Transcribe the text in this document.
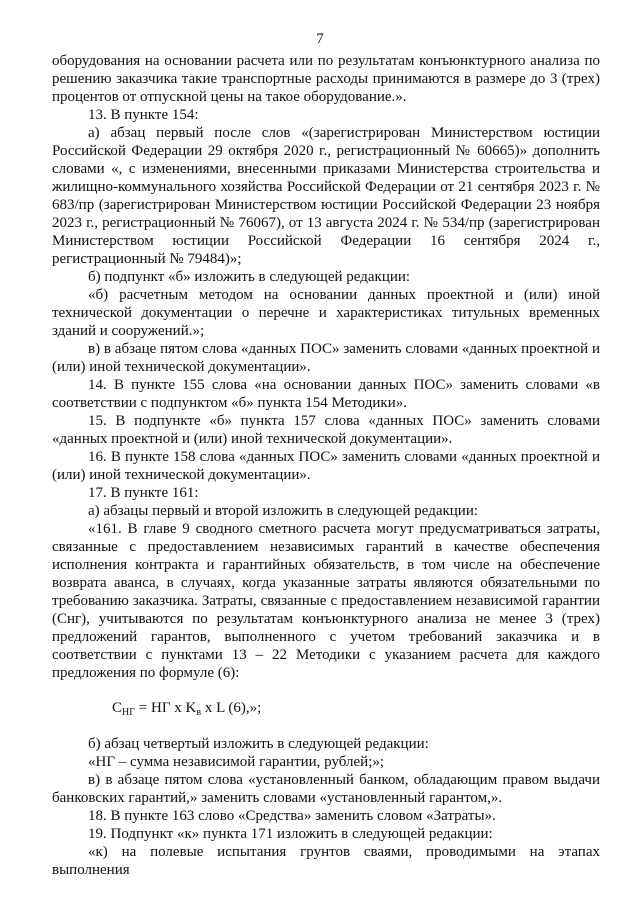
7

оборудования на основании расчета или по результатам конъюнктурного анализа по решению заказчика такие транспортные расходы принимаются в размере до 3 (трех) процентов от отпускной цены на такое оборудование.».

13. В пункте 154:

а) абзац первый после слов «(зарегистрирован Министерством юстиции Российской Федерации 29 октября 2020 г., регистрационный № 60665)» дополнить словами «, с изменениями, внесенными приказами Министерства строительства и жилищно-коммунального хозяйства Российской Федерации от 21 сентября 2023 г. № 683/пр (зарегистрирован Министерством юстиции Российской Федерации 23 ноября 2023 г., регистрационный № 76067), от 13 августа 2024 г. № 534/пр (зарегистрирован Министерством юстиции Российской Федерации 16 сентября 2024 г., регистрационный № 79484)»;

б) подпункт «б» изложить в следующей редакции:

«б) расчетным методом на основании данных проектной и (или) иной технической документации о перечне и характеристиках титульных временных зданий и сооружений.»;

в) в абзаце пятом слова «данных ПОС» заменить словами «данных проектной и (или) иной технической документации».

14. В пункте 155 слова «на основании данных ПОС» заменить словами «в соответствии с подпунктом «б» пункта 154 Методики».

15. В подпункте «б» пункта 157 слова «данных ПОС» заменить словами «данных проектной и (или) иной технической документации».

16. В пункте 158 слова «данных ПОС» заменить словами «данных проектной и (или) иной технической документации».

17. В пункте 161:

а) абзацы первый и второй изложить в следующей редакции:

«161. В главе 9 сводного сметного расчета могут предусматриваться затраты, связанные с предоставлением независимых гарантий в качестве обеспечения исполнения контракта и гарантийных обязательств, в том числе на обеспечение возврата аванса, в случаях, когда указанные затраты являются обязательными по требованию заказчика. Затраты, связанные с предоставлением независимой гарантии (Cнг), учитываются по результатам конъюнктурного анализа не менее 3 (трех) предложений гарантов, выполненного с учетом требований заказчика и в соответствии с пунктами 13 – 22 Методики с указанием расчета для каждого предложения по формуле (6):

$C_{НГ}$ = НГ x $K_в$ x L (6),»;

б) абзац четвертый изложить в следующей редакции:

«НГ – сумма независимой гарантии, рублей;»;

в) в абзаце пятом слова «установленный банком, обладающим правом выдачи банковских гарантий,» заменить словами «установленный гарантом,».

18. В пункте 163 слово «Средства» заменить словом «Затраты».

19. Подпункт «к» пункта 171 изложить в следующей редакции:

«к) на полевые испытания грунтов сваями, проводимыми на этапах выполнения
